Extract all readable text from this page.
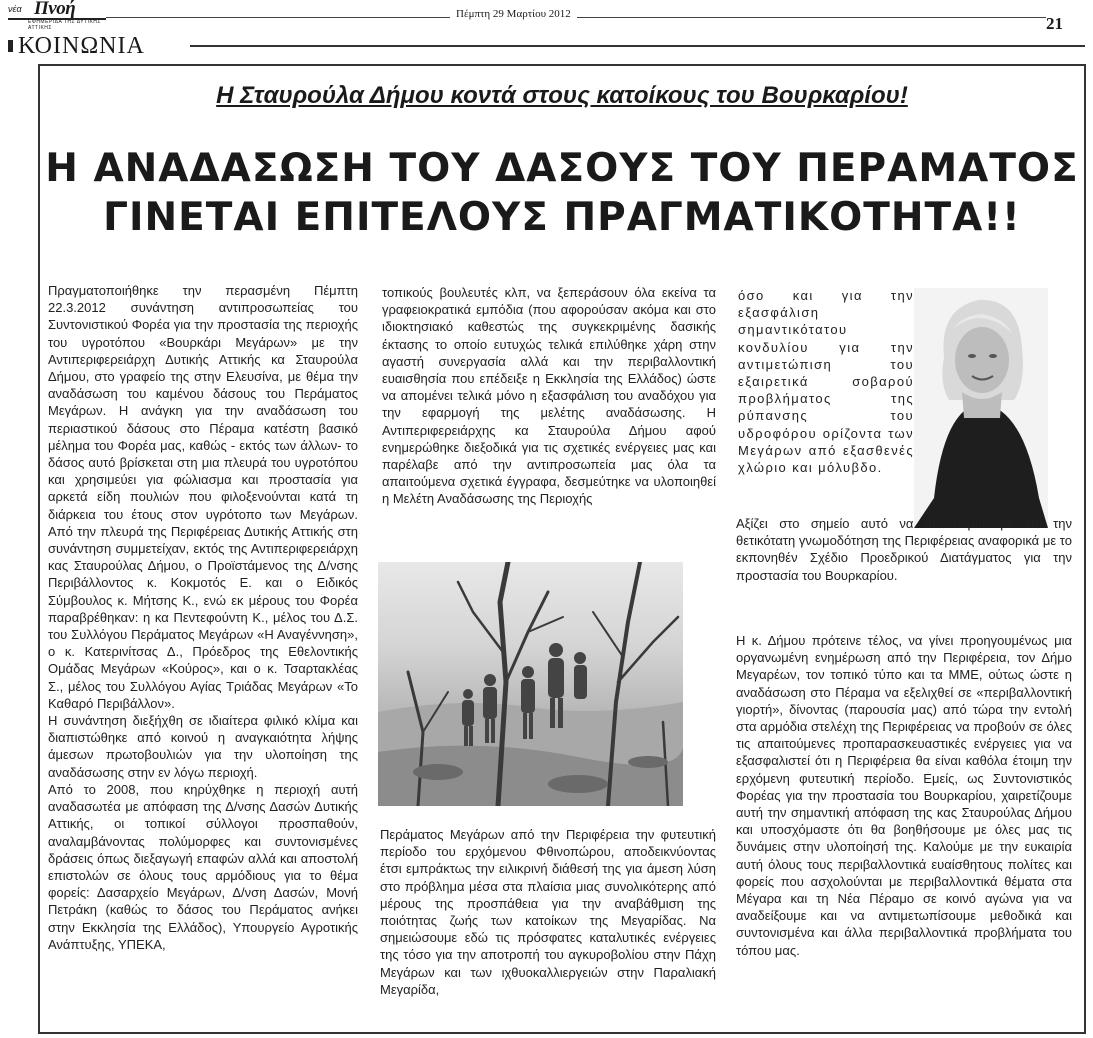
νέα Πνοή
ΕΦΗΜΕΡΙΔΑ ΤΗΣ ΔΥΤΙΚΗΣ ΑΤΤΙΚΗΣ
Πέμπτη 29 Μαρτίου 2012	21
ΚΟΙΝΩΝΙΑ
Η Σταυρούλα Δήμου κοντά στους κατοίκους του Βουρκαρίου!
Η ΑΝΑΔΑΣΩΣΗ ΤΟΥ ΔΑΣΟΥΣ ΤΟΥ ΠΕΡΑΜΑΤΟΣ
ΓΙΝΕΤΑΙ ΕΠΙΤΕΛΟΥΣ ΠΡΑΓΜΑΤΙΚΟΤΗΤΑ!!

Πραγματοποιήθηκε την περασμένη Πέμπτη 22.3.2012 συνάντηση αντιπροσωπείας του Συντονιστικού Φορέα για την προστασία της περιοχής του υγροτόπου «Βουρκάρι Μεγάρων» με την Αντιπεριφερειάρχη Δυτικής Αττικής κα Σταυρούλα Δήμου, στο γραφείο της στην Ελευσίνα, με θέμα την αναδάσωση του καμένου δάσους του Περάματος Μεγάρων. Η ανάγκη για την αναδάσωση του περιαστικού δάσους στο Πέραμα κατέστη βασικό μέλημα του Φορέα μας, καθώς - εκτός των άλλων- το δάσος αυτό βρίσκεται στη μια πλευρά του υγροτόπου και χρησιμεύει για φώλιασμα και προστασία για αρκετά είδη πουλιών που φιλοξενούνται κατά τη διάρκεια του έτους στον υγρότοπο των Μεγάρων. Από την πλευρά της Περιφέρειας Δυτικής Αττικής στη συνάντηση συμμετείχαν, εκτός της Αντιπεριφερειάρχη κας Σταυρούλας Δήμου, ο Προϊστάμενος της Δ/νσης Περιβάλλοντος κ. Κοκμοτός Ε. και ο Ειδικός Σύμβουλος κ. Μήτσης Κ., ενώ εκ μέρους του Φορέα παραβρέθηκαν: η κα Πεντεφούντη Κ., μέλος του Δ.Σ. του Συλλόγου Περάματος Μεγάρων «Η Αναγέννηση», ο κ. Κατερινίτσας Δ., Πρόεδρος της Εθελοντικής Ομάδας Μεγάρων «Κούρος», και ο κ. Τσαρτακλέας Σ., μέλος του Συλλόγου Αγίας Τριάδας Μεγάρων «Το Καθαρό Περιβάλλον».

Η συνάντηση διεξήχθη σε ιδιαίτερα φιλικό κλίμα και διαπιστώθηκε από κοινού η αναγκαιότητα λήψης άμεσων πρωτοβουλιών για την υλοποίηση της αναδάσωσης στην εν λόγω περιοχή.

Από το 2008, που κηρύχθηκε η περιοχή αυτή αναδασωτέα με απόφαση της Δ/νσης Δασών Δυτικής Αττικής, οι τοπικοί σύλλογοι προσπαθούν, αναλαμβάνοντας πολύμορφες και συντονισμένες δράσεις όπως διεξαγωγή επαφών αλλά και αποστολή επιστολών σε όλους τους αρμόδιους για το θέμα φορείς: Δασαρχείο Μεγάρων, Δ/νση Δασών, Μονή Πετράκη (καθώς το δάσος του Περάματος ανήκει στην Εκκλησία της Ελλάδος), Υπουργείο Αγροτικής Ανάπτυξης, ΥΠΕΚΑ,

τοπικούς βουλευτές κλπ, να ξεπεράσουν όλα εκείνα τα γραφειοκρατικά εμπόδια (που αφορούσαν ακόμα και στο ιδιοκτησιακό καθεστώς της συγκεκριμένης δασικής έκτασης το οποίο ευτυχώς τελικά επιλύθηκε χάρη στην αγαστή συνεργασία αλλά και την περιβαλλοντική ευαισθησία που επέδειξε η Εκκλησία της Ελλάδος) ώστε να απομένει τελικά μόνο η εξασφάλιση του αναδόχου για την εφαρμογή της μελέτης αναδάσωσης. Η Αντιπεριφερειάρχης κα Σταυρούλα Δήμου αφού ενημερώθηκε διεξοδικά για τις σχετικές ενέργειες μας και παρέλαβε από την αντιπροσωπεία μας όλα τα απαιτούμενα σχετικά έγγραφα, δεσμεύτηκε να υλοποιηθεί η Μελέτη Αναδάσωσης της Περιοχής

Περάματος Μεγάρων από την Περιφέρεια την φυτευτική περίοδο του ερχόμενου Φθινοπώρου, αποδεικνύοντας έτσι εμπράκτως την ειλικρινή διάθεσή της για άμεση λύση στο πρόβλημα μέσα στα πλαίσια μιας συνολικότερης από μέρους της προσπάθεια για την αναβάθμιση της ποιότητας ζωής των κατοίκων της Μεγαρίδας. Να σημειώσουμε εδώ τις πρόσφατες καταλυτικές ενέργειες της τόσο για την αποτροπή του αγκυροβολίου στην Πάχη Μεγάρων και των ιχθυοκαλλιεργειών στην Παραλιακή Μεγαρίδα,

όσο και για την εξασφάλιση σημαντικότατου κονδυλίου για την αντιμετώπιση του εξαιρετικά σοβαρού προβλήματος της ρύπανσης του υδροφόρου ορίζοντα των Μεγάρων από εξασθενές χλώριο και μόλυβδο.

Αξίζει στο σημείο αυτό να υπενθυμίσουμε και την θετικότατη γνωμοδότηση της Περιφέρειας αναφορικά με το εκπονηθέν Σχέδιο Προεδρικού Διατάγματος για την προστασία του Βουρκαρίου.

Η κ. Δήμου πρότεινε τέλος, να γίνει προηγουμένως μια οργανωμένη ενημέρωση από την Περιφέρεια, τον Δήμο Μεγαρέων, τον τοπικό τύπο και τα ΜΜΕ, ούτως ώστε η αναδάσωση στο Πέραμα να εξελιχθεί σε «περιβαλλοντική γιορτή», δίνοντας (παρουσία μας) από τώρα την εντολή στα αρμόδια στελέχη της Περιφέρειας να προβούν σε όλες τις απαιτούμενες προπαρασκευαστικές ενέργειες για να εξασφαλιστεί ότι η Περιφέρεια θα είναι καθόλα έτοιμη την ερχόμενη φυτευτική περίοδο. Εμείς, ως Συντονιστικός Φορέας για την προστασία του Βουρκαρίου, χαιρετίζουμε αυτή την σημαντική απόφαση της κας Σταυρούλας Δήμου και υποσχόμαστε ότι θα βοηθήσουμε με όλες μας τις δυνάμεις στην υλοποίησή της. Καλούμε με την ευκαιρία αυτή όλους τους περιβαλλοντικά ευαίσθητους πολίτες και φορείς που ασχολούνται με περιβαλλοντικά θέματα στα Μέγαρα και τη Νέα Πέραμο σε κοινό αγώνα για να αναδείξουμε και να αντιμετωπίσουμε μεθοδικά και συντονισμένα και άλλα περιβαλλοντικά προβλήματα του τόπου μας.
